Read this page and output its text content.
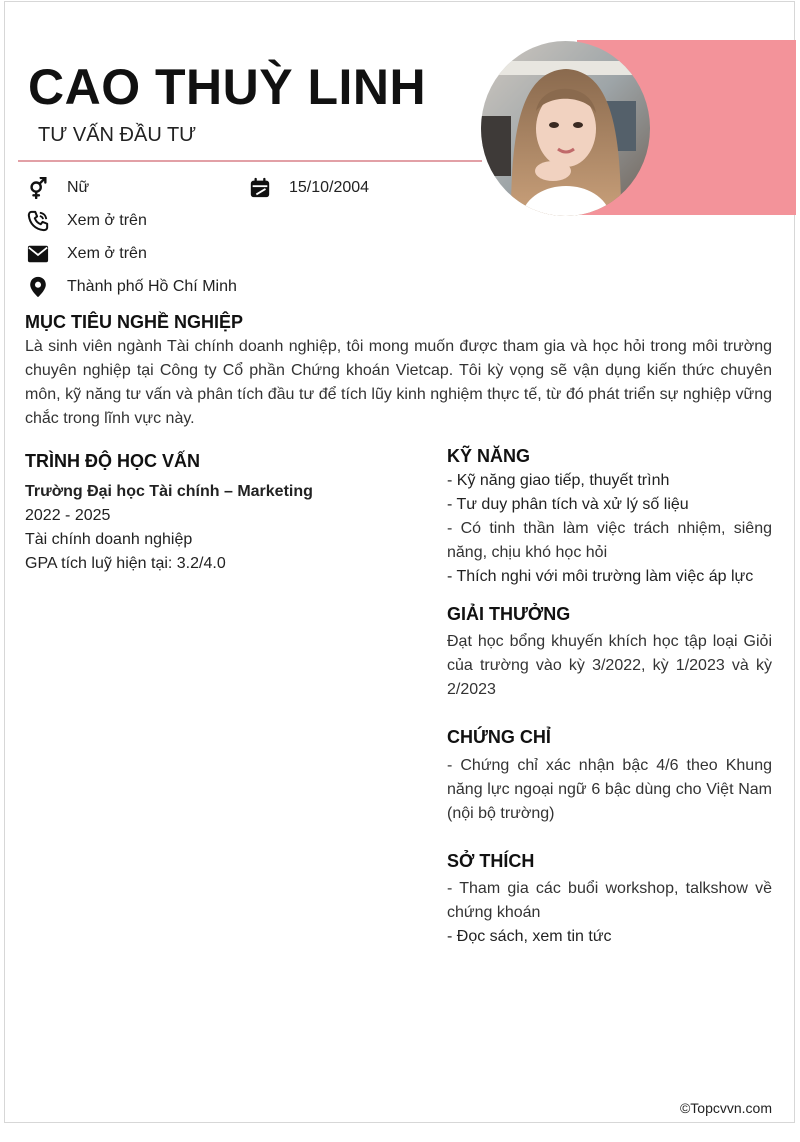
CAO THUỲ LINH
TƯ VẤN ĐẦU TƯ
Nữ	15/10/2004
Xem ở trên
Xem ở trên
Thành phố Hồ Chí Minh
MỤC TIÊU NGHỀ NGHIỆP

Là sinh viên ngành Tài chính doanh nghiệp, tôi mong muốn được tham gia và học hỏi trong môi trường chuyên nghiệp tại Công ty Cổ phần Chứng khoán Vietcap. Tôi kỳ vọng sẽ vận dụng kiến thức chuyên môn, kỹ năng tư vấn và phân tích đầu tư để tích lũy kinh nghiệm thực tế, từ đó phát triển sự nghiệp vững chắc trong lĩnh vực này.

TRÌNH ĐỘ HỌC VẤN
Trường Đại học Tài chính – Marketing
2022 - 2025
Tài chính doanh nghiệp
GPA tích luỹ hiện tại: 3.2/4.0
KỸ NĂNG
- Kỹ năng giao tiếp, thuyết trình
- Tư duy phân tích và xử lý số liệu

- Có tinh thần làm việc trách nhiệm, siêng năng, chịu khó học hỏi

- Thích nghi với môi trường làm việc áp lực
GIẢI THƯỞNG

Đạt học bổng khuyến khích học tập loại Giỏi của trường vào kỳ 3/2022, kỳ 1/2023 và kỳ 2/2023

CHỨNG CHỈ

- Chứng chỉ xác nhận bậc 4/6 theo Khung năng lực ngoại ngữ 6 bậc dùng cho Việt Nam (nội bộ trường)

SỞ THÍCH

- Tham gia các buổi workshop, talkshow về chứng khoán

- Đọc sách, xem tin tức
©Topcvvn.com
